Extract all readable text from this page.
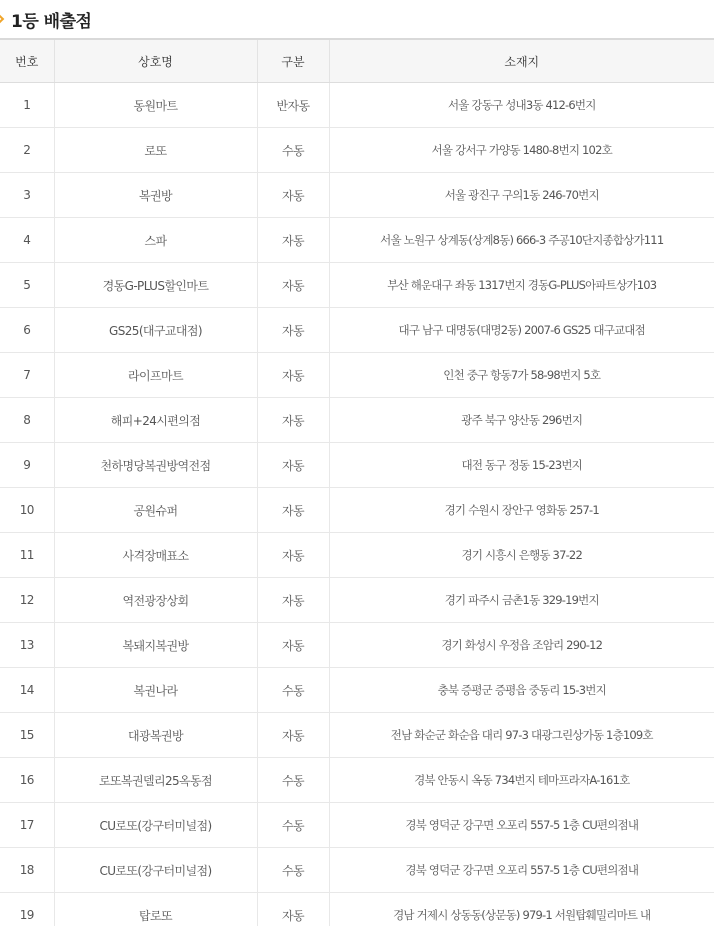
1등 배출점
번호	상호명	구분	소재지
1	동원마트	반자동	서울 강동구 성내3동 412-6번지
2	로또	수동	서울 강서구 가양동 1480-8번지 102호
3	복권방	자동	서울 광진구 구의1동 246-70번지
4	스파	자동	서울 노원구 상계동(상계8동) 666-3 주공10단지종합상가111
5	경동G-PLUS할인마트	자동	부산 해운대구 좌동 1317번지 경동G-PLUS아파트상가103
6	GS25(대구교대점)	자동	대구 남구 대명동(대명2동) 2007-6 GS25 대구교대점
7	라이프마트	자동	인천 중구 항동7가 58-98번지 5호
8	해피+24시편의점	자동	광주 북구 양산동 296번지
9	천하명당복권방역전점	자동	대전 동구 정동 15-23번지
10	공원슈퍼	자동	경기 수원시 장안구 영화동 257-1
11	사격장매표소	자동	경기 시흥시 은행동 37-22
12	역전광장상회	자동	경기 파주시 금촌1동 329-19번지
13	복돼지복권방	자동	경기 화성시 우정읍 조암리 290-12
14	복권나라	수동	충북 증평군 증평읍 중동리 15-3번지
15	대광복권방	자동	전남 화순군 화순읍 대리 97-3 대광그린상가동 1층109호
16	로또복권델리25옥동점	수동	경북 안동시 옥동 734번지 테마프라자A-161호
17	CU로또(강구터미널점)	수동	경북 영덕군 강구면 오포리 557-5 1층 CU편의점내
18	CU로또(강구터미널점)	수동	경북 영덕군 강구면 오포리 557-5 1층 CU편의점내
19	탑로또	자동	경남 거제시 상동동(상문동) 979-1 서원탑훼밀리마트 내
